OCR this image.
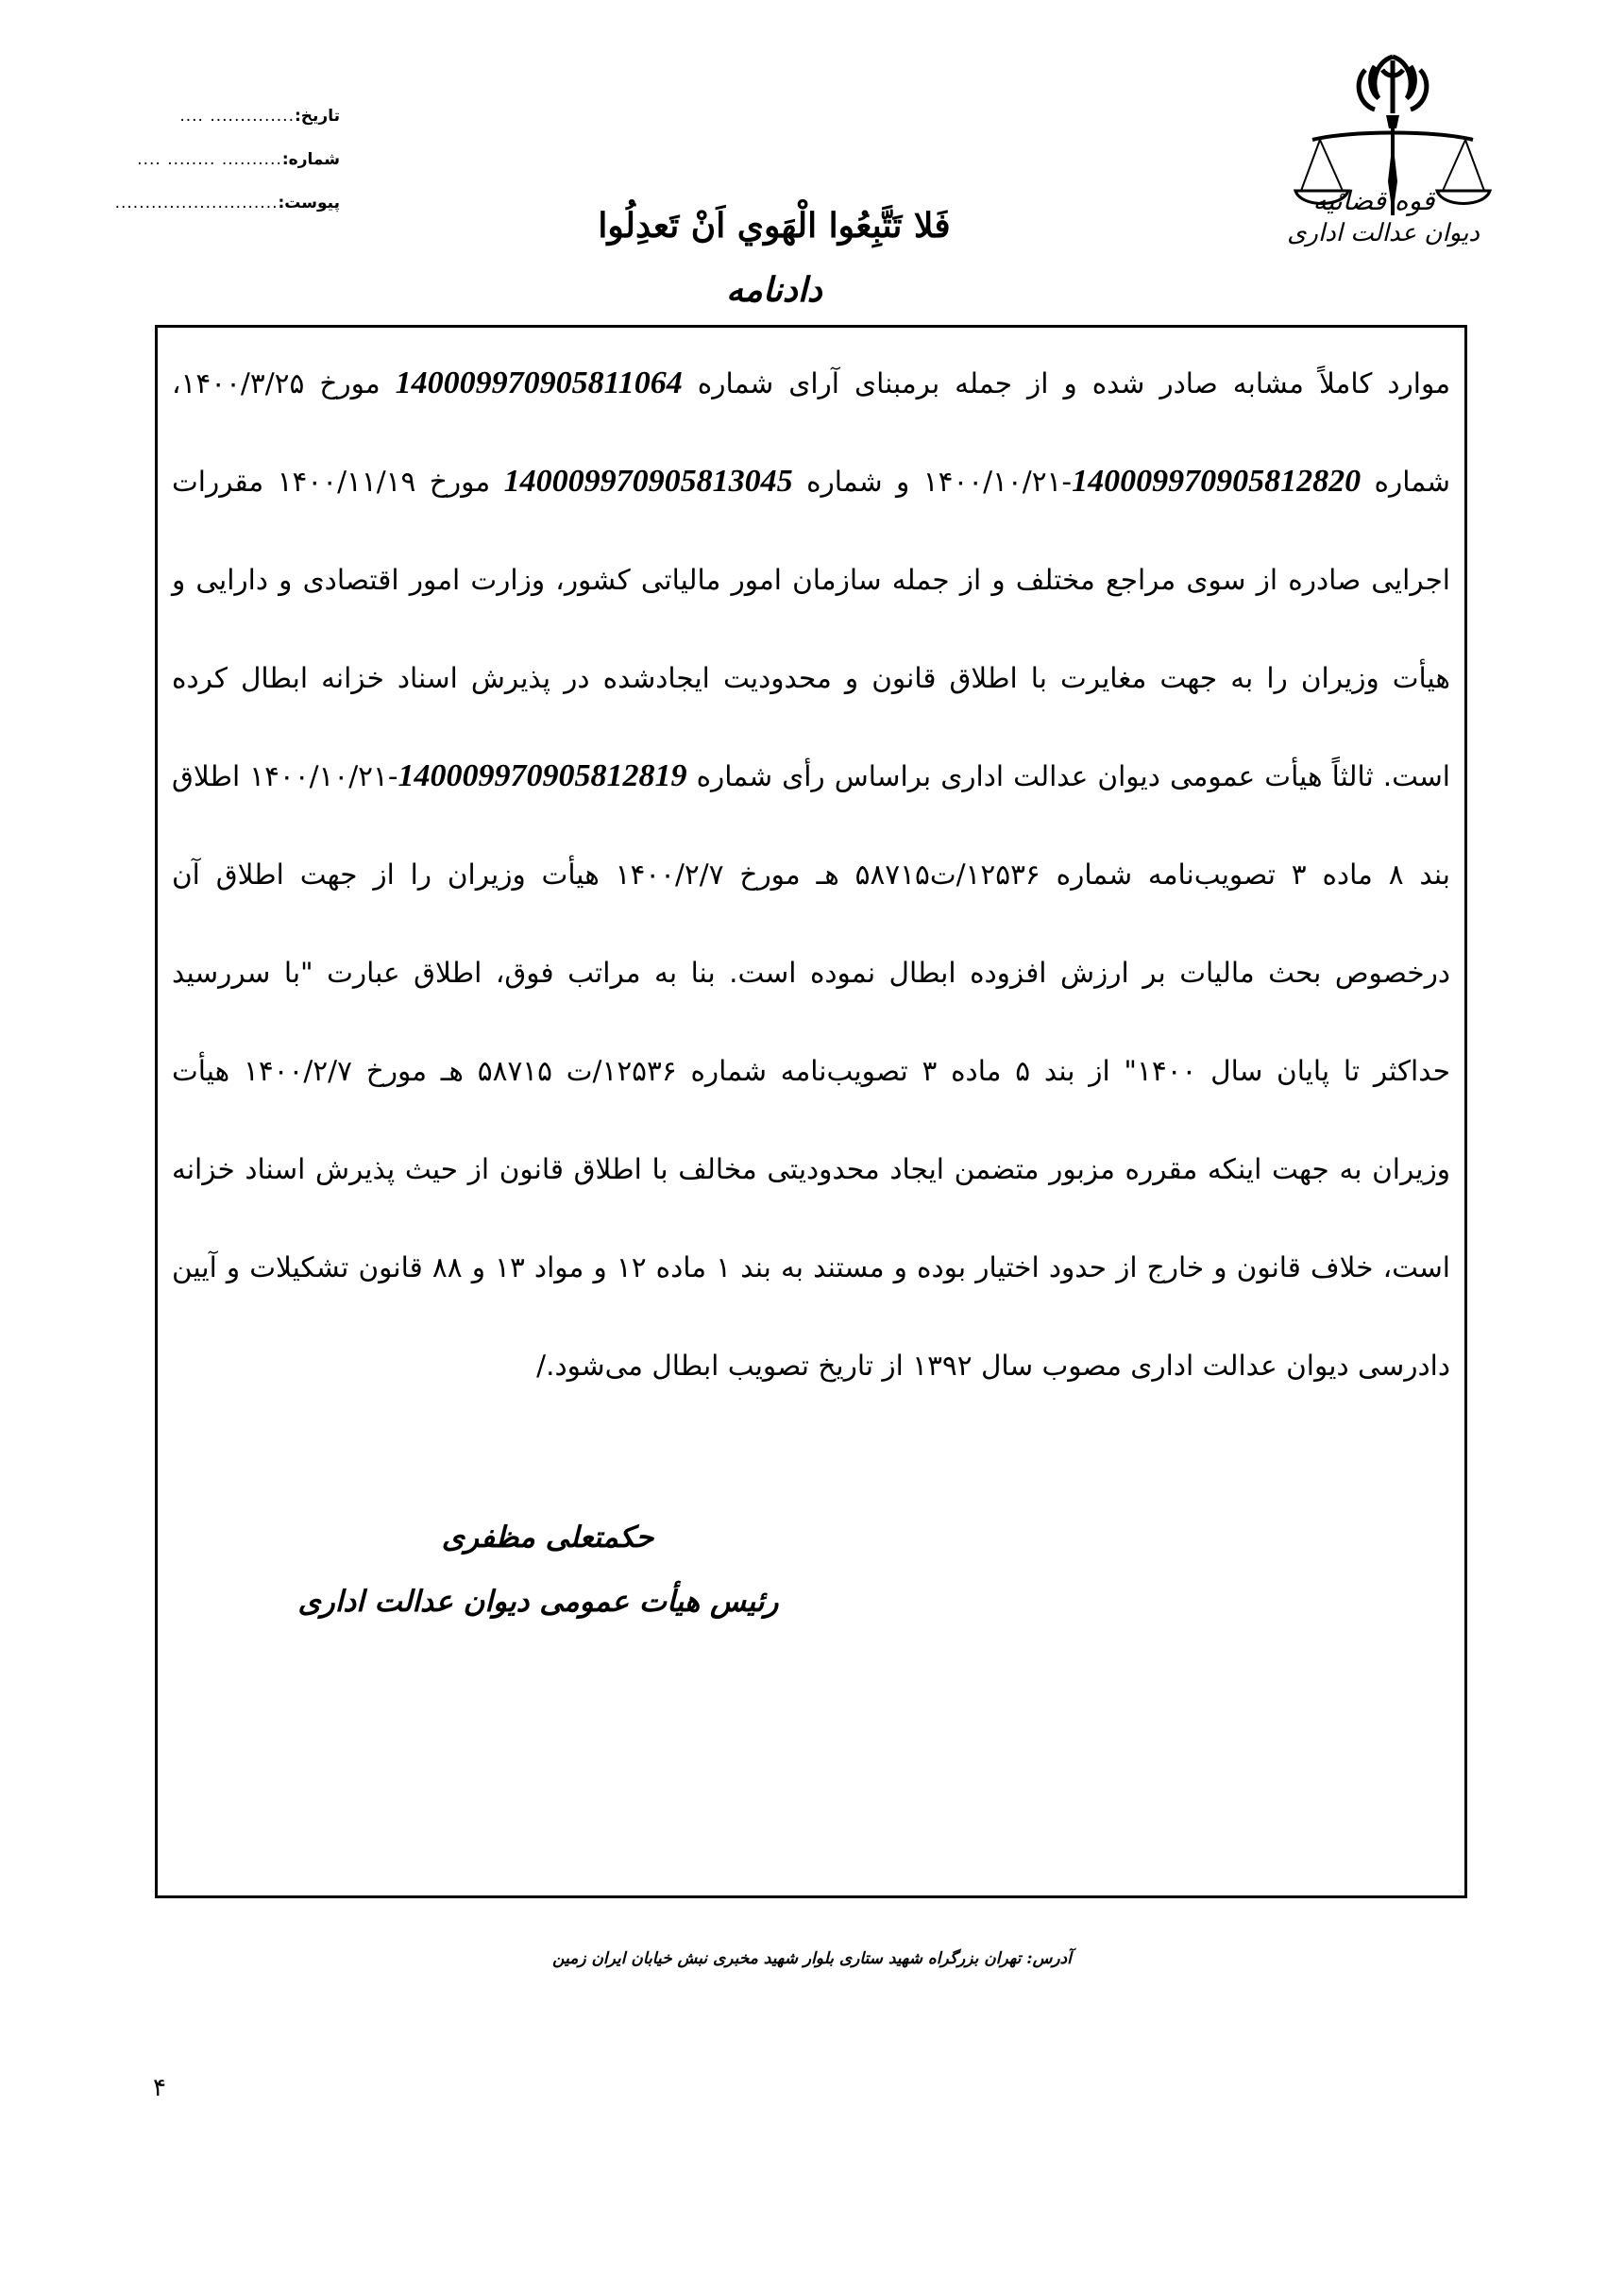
قوه قضائیه
دیوان عدالت اداری
تاریخ:.............. ....
شماره:.......... ........ ....
پیوست:...........................
فَلا تَتَّبِعُوا الْهَوي اَنْ تَعدِلُوا
دادنامه
موارد کاملاً مشابه صادر شده و از جمله برمبنای آرای شماره 140009970905811064 مورخ ۱۴۰۰/۳/۲۵، شماره 140009970905812820-۱۴۰۰/۱۰/۲۱ و شماره 140009970905813045 مورخ ۱۴۰۰/۱۱/۱۹ مقررات اجرایی صادره از سوی مراجع مختلف و از جمله سازمان امور مالیاتی کشور، وزارت امور اقتصادی و دارایی و هیأت وزیران را به جهت مغایرت با اطلاق قانون و محدودیت ایجادشده در پذیرش اسناد خزانه ابطال کرده است. ثالثاً هیأت عمومی دیوان عدالت اداری براساس رأی شماره 140009970905812819-۱۴۰۰/۱۰/۲۱ اطلاق بند ۸ ماده ۳ تصویب‌نامه شماره ۱۲۵۳۶/ت۵۸۷۱۵ هـ مورخ ۱۴۰۰/۲/۷ هیأت وزیران را از جهت اطلاق آن درخصوص بحث مالیات بر ارزش افزوده ابطال نموده است. بنا به مراتب فوق، اطلاق عبارت "با سررسید حداکثر تا پایان سال ۱۴۰۰" از بند ۵ ماده ۳ تصویب‌نامه شماره ۱۲۵۳۶/ت ۵۸۷۱۵ هـ مورخ ۱۴۰۰/۲/۷ هیأت وزیران به جهت اینکه مقرره مزبور متضمن ایجاد محدودیتی مخالف با اطلاق قانون از حیث پذیرش اسناد خزانه است، خلاف قانون و خارج از حدود اختیار بوده و مستند به بند ۱ ماده ۱۲ و مواد ۱۳ و ۸۸ قانون تشکیلات و آیین دادرسی دیوان عدالت اداری مصوب سال ۱۳۹۲ از تاریخ تصویب ابطال می‌شود./
حکمتعلی مظفری
رئیس هیأت عمومی دیوان عدالت اداری
آدرس: تهران بزرگراه شهید ستاری بلوار شهید مخبری نبش خیابان ایران زمین
۴
